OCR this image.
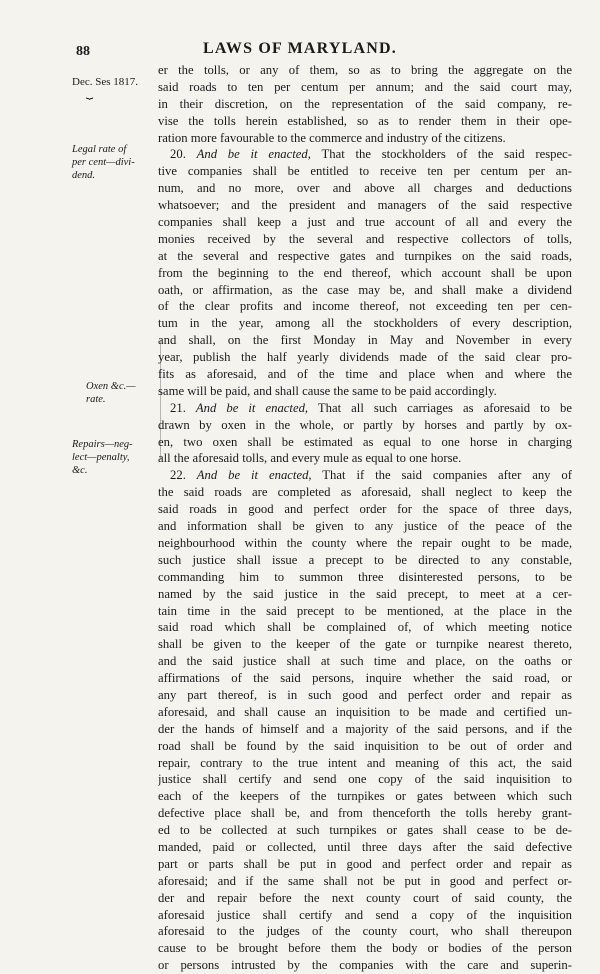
88	LAWS OF MARYLAND.
Dec. Ses 1817.
⏟
Legal rate of
per cent—divi-
dend.
Oxen &c.—
rate.
Repairs—neg-
lect—penalty,
&c.
er the tolls, or any of them, so as to bring the aggregate on the
said roads to ten per centum per annum; and the said court may,
in their discretion, on the representation of the said company, re-
vise the tolls herein established, so as to render them in their ope-
ration more favourable to the commerce and industry of the citizens.
20. And be it enacted, That the stockholders of the said respec-
tive companies shall be entitled to receive ten per centum per an-
num, and no more, over and above all charges and deductions
whatsoever; and the president and managers of the said respective
companies shall keep a just and true account of all and every the
monies received by the several and respective collectors of tolls,
at the several and respective gates and turnpikes on the said roads,
from the beginning to the end thereof, which account shall be upon
oath, or affirmation, as the case may be, and shall make a dividend
of the clear profits and income thereof, not exceeding ten per cen-
tum in the year, among all the stockholders of every description,
and shall, on the first Monday in May and November in every
year, publish the half yearly dividends made of the said clear pro-
fits as aforesaid, and of the time and place when and where the
same will be paid, and shall cause the same to be paid accordingly.
21. And be it enacted, That all such carriages as aforesaid to be
drawn by oxen in the whole, or partly by horses and partly by ox-
en, two oxen shall be estimated as equal to one horse in charging
all the aforesaid tolls, and every mule as equal to one horse.
22. And be it enacted, That if the said companies after any of
the said roads are completed as aforesaid, shall neglect to keep the
said roads in good and perfect order for the space of three days,
and information shall be given to any justice of the peace of the
neighbourhood within the county where the repair ought to be made,
such justice shall issue a precept to be directed to any constable,
commanding him to summon three disinterested persons, to be
named by the said justice in the said precept, to meet at a cer-
tain time in the said precept to be mentioned, at the place in the
said road which shall be complained of, of which meeting notice
shall be given to the keeper of the gate or turnpike nearest thereto,
and the said justice shall at such time and place, on the oaths or
affirmations of the said persons, inquire whether the said road, or
any part thereof, is in such good and perfect order and repair as
aforesaid, and shall cause an inquisition to be made and certified un-
der the hands of himself and a majority of the said persons, and if the
road shall be found by the said inquisition to be out of order and
repair, contrary to the true intent and meaning of this act, the said
justice shall certify and send one copy of the said inquisition to
each of the keepers of the turnpikes or gates between which such
defective place shall be, and from thenceforth the tolls hereby grant-
ed to be collected at such turnpikes or gates shall cease to be de-
manded, paid or collected, until three days after the said defective
part or parts shall be put in good and perfect order and repair as
aforesaid; and if the same shall not be put in good and perfect or-
der and repair before the next county court of said county, the
aforesaid justice shall certify and send a copy of the inquisition
aforesaid to the judges of the county court, who shall thereupon
cause to be brought before them the body or bodies of the person
or persons intrusted by the companies with the care and superin-
